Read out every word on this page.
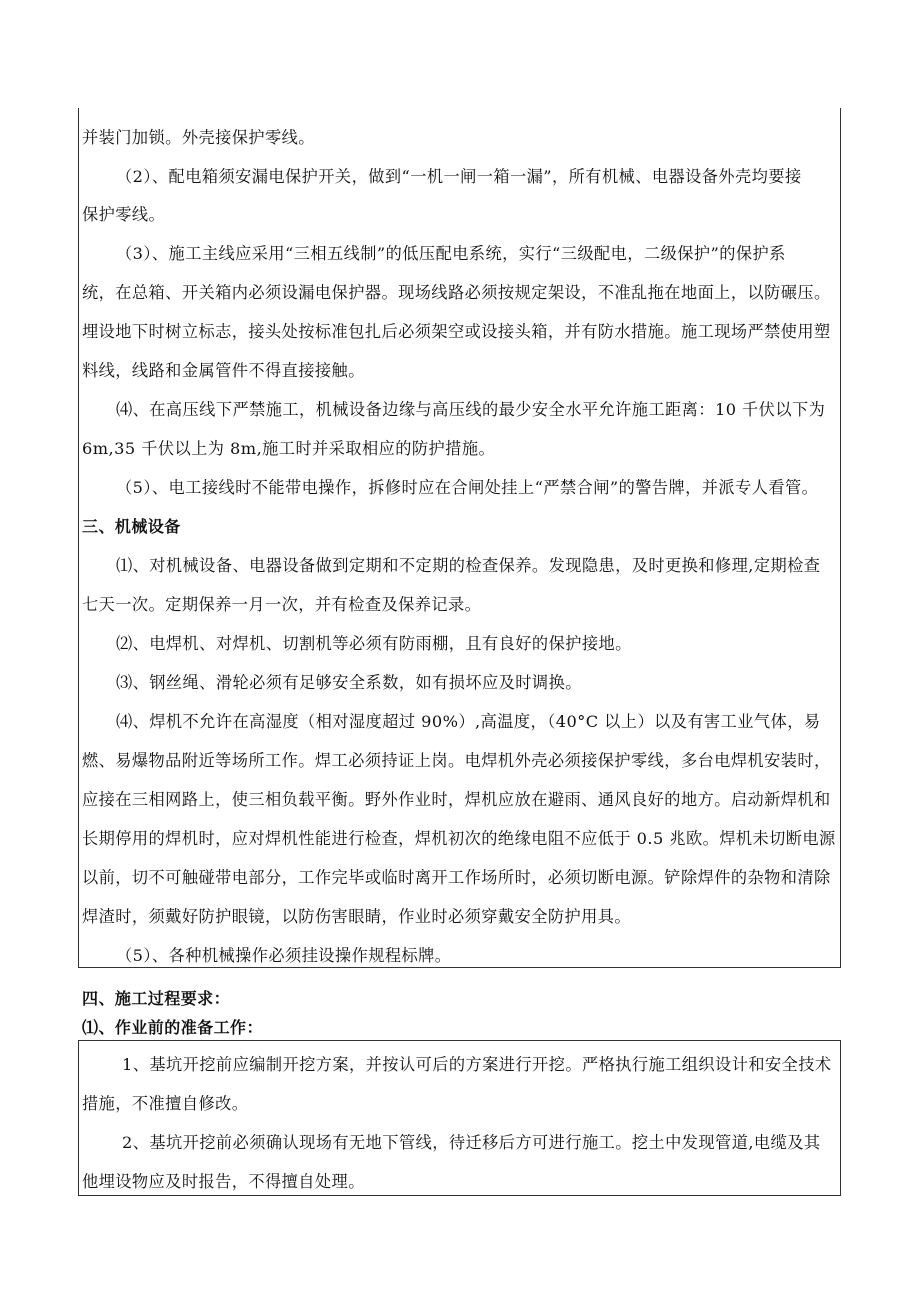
并装门加锁。外壳接保护零线。
（2）、配电箱须安漏电保护开关，做到“一机一闸一箱一漏”，所有机械、电器设备外壳均要接
保护零线。
（3）、施工主线应采用“三相五线制”的低压配电系统，实行“三级配电，二级保护”的保护系
统，在总箱、开关箱内必须设漏电保护器。现场线路必须按规定架设，不准乱拖在地面上，以防碾压。
埋设地下时树立标志，接头处按标准包扎后必须架空或设接头箱，并有防水措施。施工现场严禁使用塑
料线，线路和金属管件不得直接接触。
⑷、在高压线下严禁施工，机械设备边缘与高压线的最少安全水平允许施工距离：10 千伏以下为
6m,35 千伏以上为 8m,施工时并采取相应的防护措施。
（5）、电工接线时不能带电操作，拆修时应在合闸处挂上“严禁合闸”的警告牌，并派专人看管。
三、机械设备
⑴、对机械设备、电器设备做到定期和不定期的检查保养。发现隐患，及时更换和修理,定期检查
七天一次。定期保养一月一次，并有检查及保养记录。
⑵、电焊机、对焊机、切割机等必须有防雨棚，且有良好的保护接地。
⑶、钢丝绳、滑轮必须有足够安全系数，如有损坏应及时调换。
⑷、焊机不允许在高湿度（相对湿度超过 90%）,高温度，（40°C 以上）以及有害工业气体，易
燃、易爆物品附近等场所工作。焊工必须持证上岗。电焊机外壳必须接保护零线，多台电焊机安装时，
应接在三相网路上，使三相负载平衡。野外作业时，焊机应放在避雨、通风良好的地方。启动新焊机和
长期停用的焊机时，应对焊机性能进行检查，焊机初次的绝缘电阻不应低于 0.5 兆欧。焊机未切断电源
以前，切不可触碰带电部分，工作完毕或临时离开工作场所时，必须切断电源。铲除焊件的杂物和清除
焊渣时，须戴好防护眼镜，以防伤害眼睛，作业时必须穿戴安全防护用具。
（5）、各种机械操作必须挂设操作规程标牌。
四、施工过程要求：
⑴、作业前的准备工作：
1、基坑开挖前应编制开挖方案，并按认可后的方案进行开挖。严格执行施工组织设计和安全技术
措施，不准擅自修改。
2、基坑开挖前必须确认现场有无地下管线，待迁移后方可进行施工。挖土中发现管道,电缆及其
他埋设物应及时报告，不得擅自处理。
